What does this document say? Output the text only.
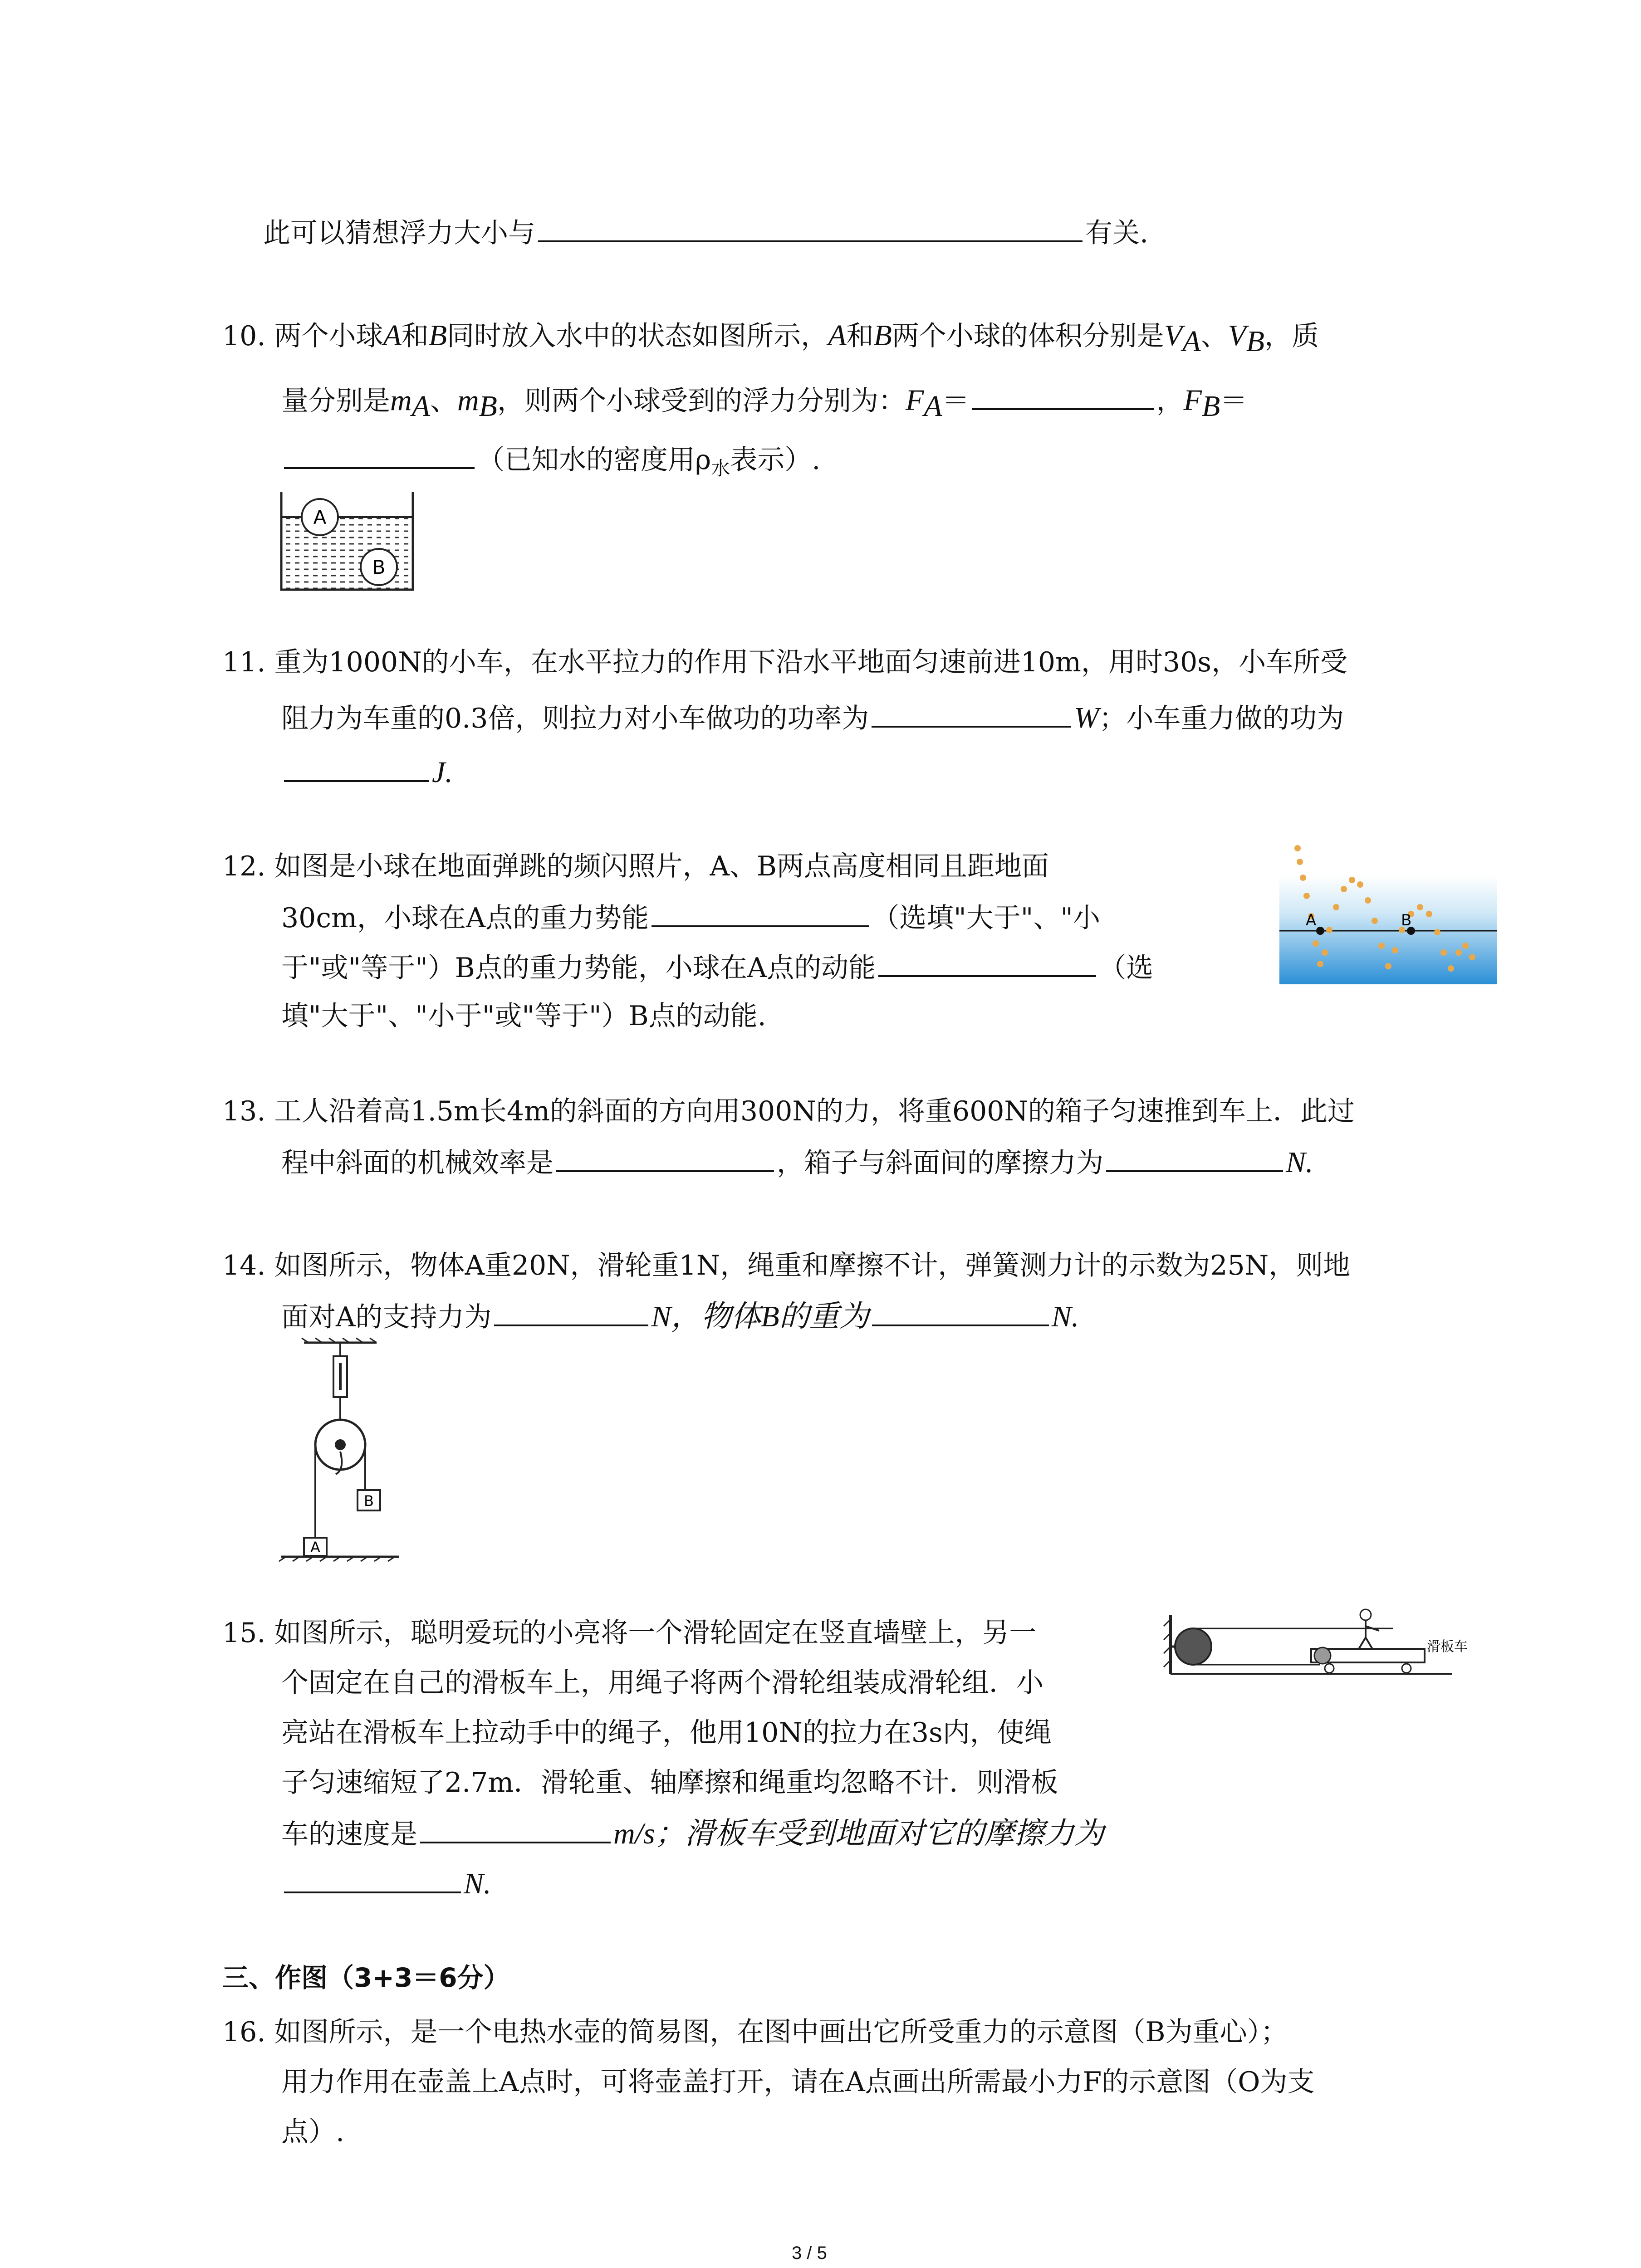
此可以猜想浮力大小与	有关.
10. 两个小球A和B同时放入水中的状态如图所示，A和B两个小球的体积分别是$V_A$、$V_B$，质
量分别是$m_A$、$m_B$，则两个小球受到的浮力分别为：$F_A=$	，$F_B=$
（已知水的密度用$\rho_水$表示）.
A
B
11. 重为1000N的小车，在水平拉力的作用下沿水平地面匀速前进10m，用时30s，小车所受
阻力为车重的0.3倍，则拉力对小车做功的功率为	W；小车重力做的功为
J.
12. 如图是小球在地面弹跳的频闪照片，A、B两点高度相同且距地面
30cm，小球在A点的重力势能	（选填"大于"、"小
于"或"等于"）B点的重力势能，小球在A点的动能	（选
填"大于"、"小于"或"等于"）B点的动能.
A	B
13. 工人沿着高1.5m长4m的斜面的方向用300N的力，将重600N的箱子匀速推到车上．此过
程中斜面的机械效率是	，箱子与斜面间的摩擦力为	N.
14. 如图所示，物体A重20N，滑轮重1N，绳重和摩擦不计，弹簧测力计的示数为25N，则地
面对A的支持力为	N，物体B的重为	N.
B
A
15. 如图所示，聪明爱玩的小亮将一个滑轮固定在竖直墙壁上，另一
个固定在自己的滑板车上，用绳子将两个滑轮组装成滑轮组．小
亮站在滑板车上拉动手中的绳子，他用10N的拉力在3s内，使绳
子匀速缩短了2.7m．滑轮重、轴摩擦和绳重均忽略不计．则滑板
车的速度是	m/s；滑板车受到地面对它的摩擦力为
N.
滑板车
三、作图（3+3＝6分）
16. 如图所示，是一个电热水壶的简易图，在图中画出它所受重力的示意图（B为重心）；
用力作用在壶盖上A点时，可将壶盖打开，请在A点画出所需最小力F的示意图（O为支
点）.
3 / 5
